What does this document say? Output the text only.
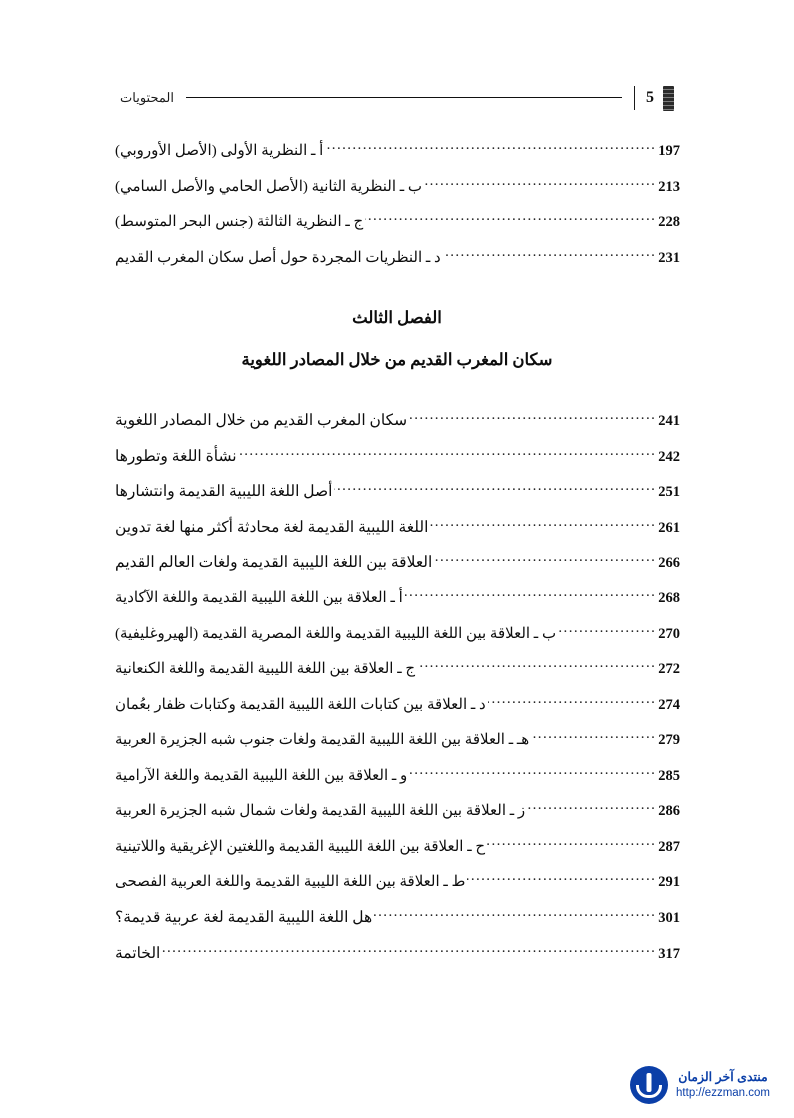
5
المحتويات
أ ـ النظرية الأولى (الأصل الأوروبي) .....	197
ب ـ النظرية الثانية (الأصل الحامي والأصل السامي) .....	213
ج ـ النظرية الثالثة (جنس البحر المتوسط) .....	228
د ـ النظريات المجردة حول أصل سكان المغرب القديم .....	231
الفصل الثالث
سكان المغرب القديم من خلال المصادر اللغوية
سكان المغرب القديم من خلال المصادر اللغوية .....	241
نشأة اللغة وتطورها .....	242
أصل اللغة الليبية القديمة وانتشارها .....	251
اللغة الليبية القديمة لغة محادثة أكثر منها لغة تدوين .....	261
العلاقة بين اللغة الليبية القديمة ولغات العالم القديم .....	266
أ ـ العلاقة بين اللغة الليبية القديمة واللغة الآكادية .....	268
ب ـ العلاقة بين اللغة الليبية القديمة واللغة المصرية القديمة (الهيروغليفية) .....	270
ج ـ العلاقة بين اللغة الليبية القديمة واللغة الكنعانية .....	272
د ـ العلاقة بين كتابات اللغة الليبية القديمة وكتابات ظفار بعُمان .....	274
هـ ـ العلاقة بين اللغة الليبية القديمة ولغات جنوب شبه الجزيرة العربية .....	279
و ـ العلاقة بين اللغة الليبية القديمة واللغة الآرامية .....	285
ز ـ العلاقة بين اللغة الليبية القديمة ولغات شمال شبه الجزيرة العربية .....	286
ح ـ العلاقة بين اللغة الليبية القديمة واللغتين الإغريقية واللاتينية .....	287
ط ـ العلاقة بين اللغة الليبية القديمة واللغة العربية الفصحى .....	291
هل اللغة الليبية القديمة لغة عربية قديمة؟ .....	301
الخاتمة .....	317
منتدى آخر الزمان
http://ezzman.com
